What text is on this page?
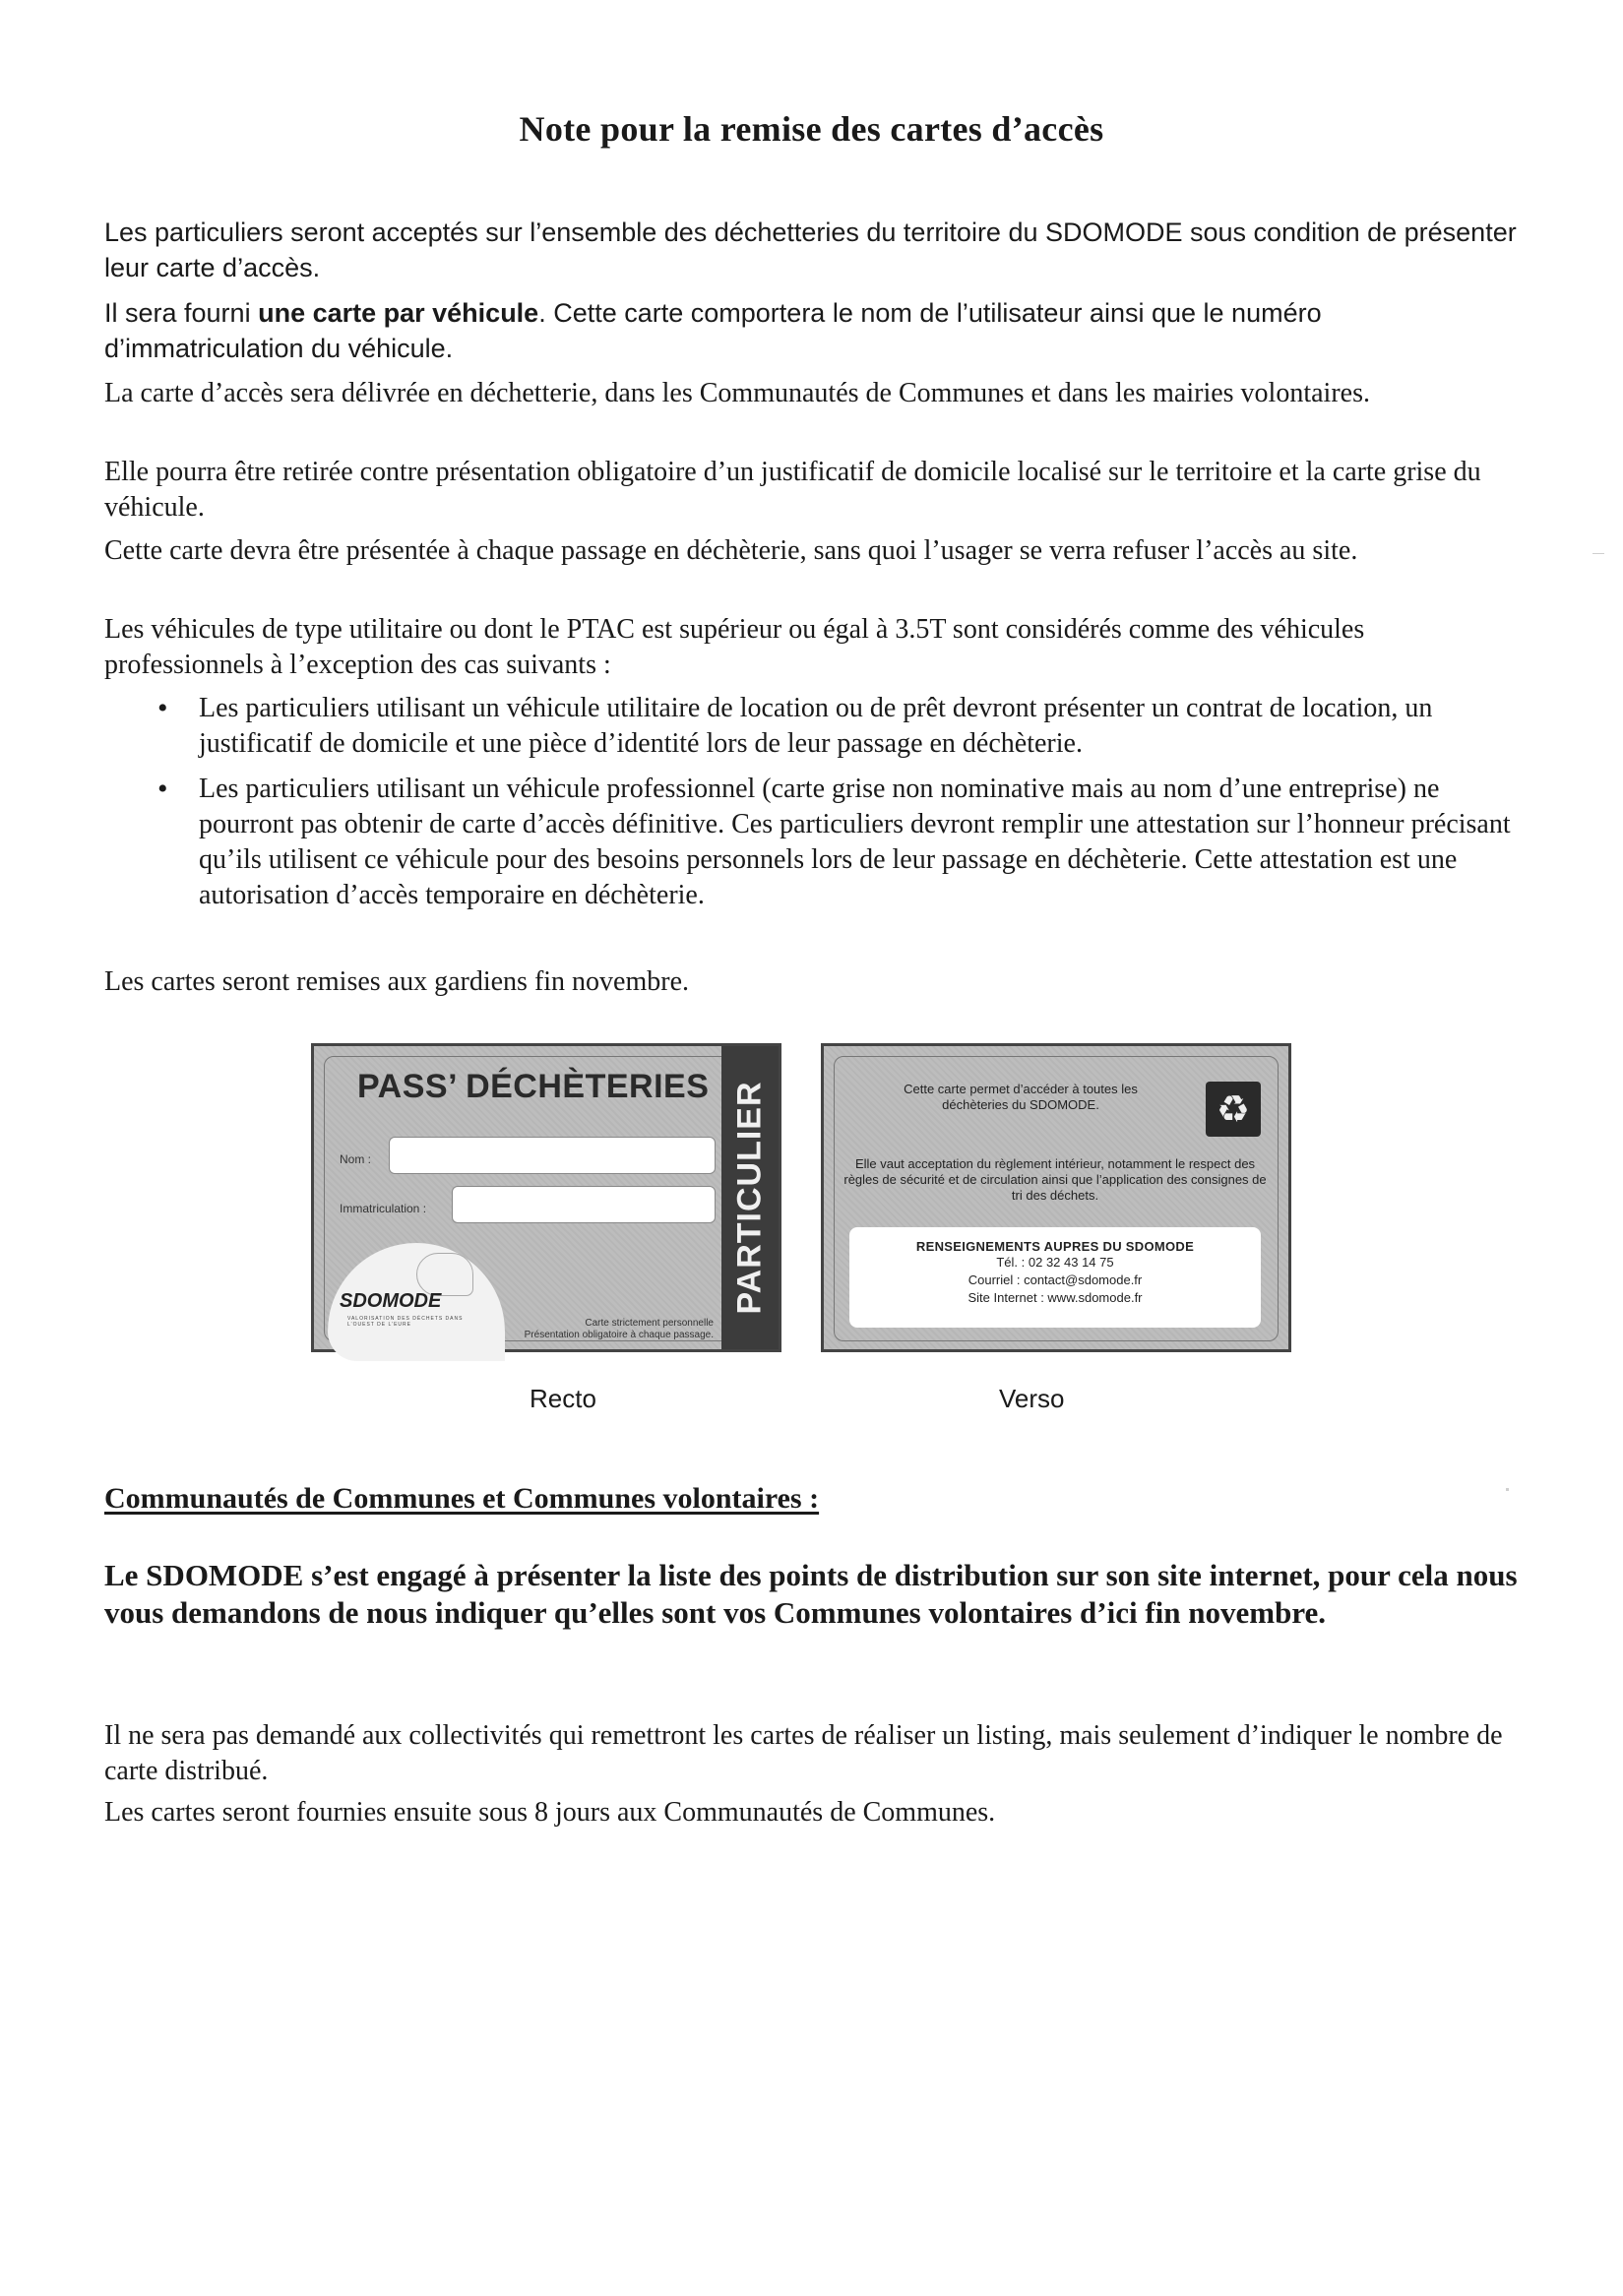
Note pour la remise des cartes d’accès

Les particuliers seront acceptés sur l’ensemble des déchetteries du territoire du SDOMODE sous condition de présenter leur carte d’accès.

Il sera fourni une carte par véhicule. Cette carte comportera le nom de l’utilisateur ainsi que le numéro d’immatriculation du véhicule.

La carte d’accès sera délivrée en déchetterie, dans les Communautés de Communes et dans les mairies volontaires.

Elle pourra être retirée contre présentation obligatoire d’un justificatif de domicile localisé sur le territoire et la carte grise du véhicule.

Cette carte devra être présentée à chaque passage en déchèterie, sans quoi l’usager se verra refuser l’accès au site.

Les véhicules de type utilitaire ou dont le PTAC est supérieur ou égal à 3.5T sont considérés comme des véhicules professionnels à l’exception des cas suivants :

• Les particuliers utilisant un véhicule utilitaire de location ou de prêt devront présenter un contrat de location, un justificatif de domicile et une pièce d’identité lors de leur passage en déchèterie.
• Les particuliers utilisant un véhicule professionnel (carte grise non nominative mais au nom d’une entreprise) ne pourront pas obtenir de carte d’accès définitive. Ces particuliers devront remplir une attestation sur l’honneur précisant qu’ils utilisent ce véhicule pour des besoins personnels lors de leur passage en déchèterie. Cette attestation est une autorisation d’accès temporaire en déchèterie.

Les cartes seront remises aux gardiens fin novembre.

PASS’ DÉCHÈTERIES
Nom :
Immatriculation :
SDOMODE
VALORISATION DES DÉCHETS DANS L’OUEST DE L’EURE	Carte strictement personnelle
Présentation obligatoire à chaque passage.
PARTICULIER	Cette carte permet d’accéder à toutes les déchèteries du SDOMODE.	♻
Elle vaut acceptation du règlement intérieur, notamment le respect des règles de sécurité et de circulation ainsi que l’application des consignes de tri des déchets.
RENSEIGNEMENTS AUPRES DU SDOMODE
Tél. : 02 32 43 14 75
Courriel : contact@sdomode.fr
Site Internet : www.sdomode.fr
Recto	Verso
Communautés de Communes et Communes volontaires :

Le SDOMODE s’est engagé à présenter la liste des points de distribution sur son site internet, pour cela nous vous demandons de nous indiquer qu’elles sont vos Communes volontaires d’ici fin novembre.

Il ne sera pas demandé aux collectivités qui remettront les cartes de réaliser un listing, mais seulement d’indiquer le nombre de carte distribué.

Les cartes seront fournies ensuite sous 8 jours aux Communautés de Communes.
